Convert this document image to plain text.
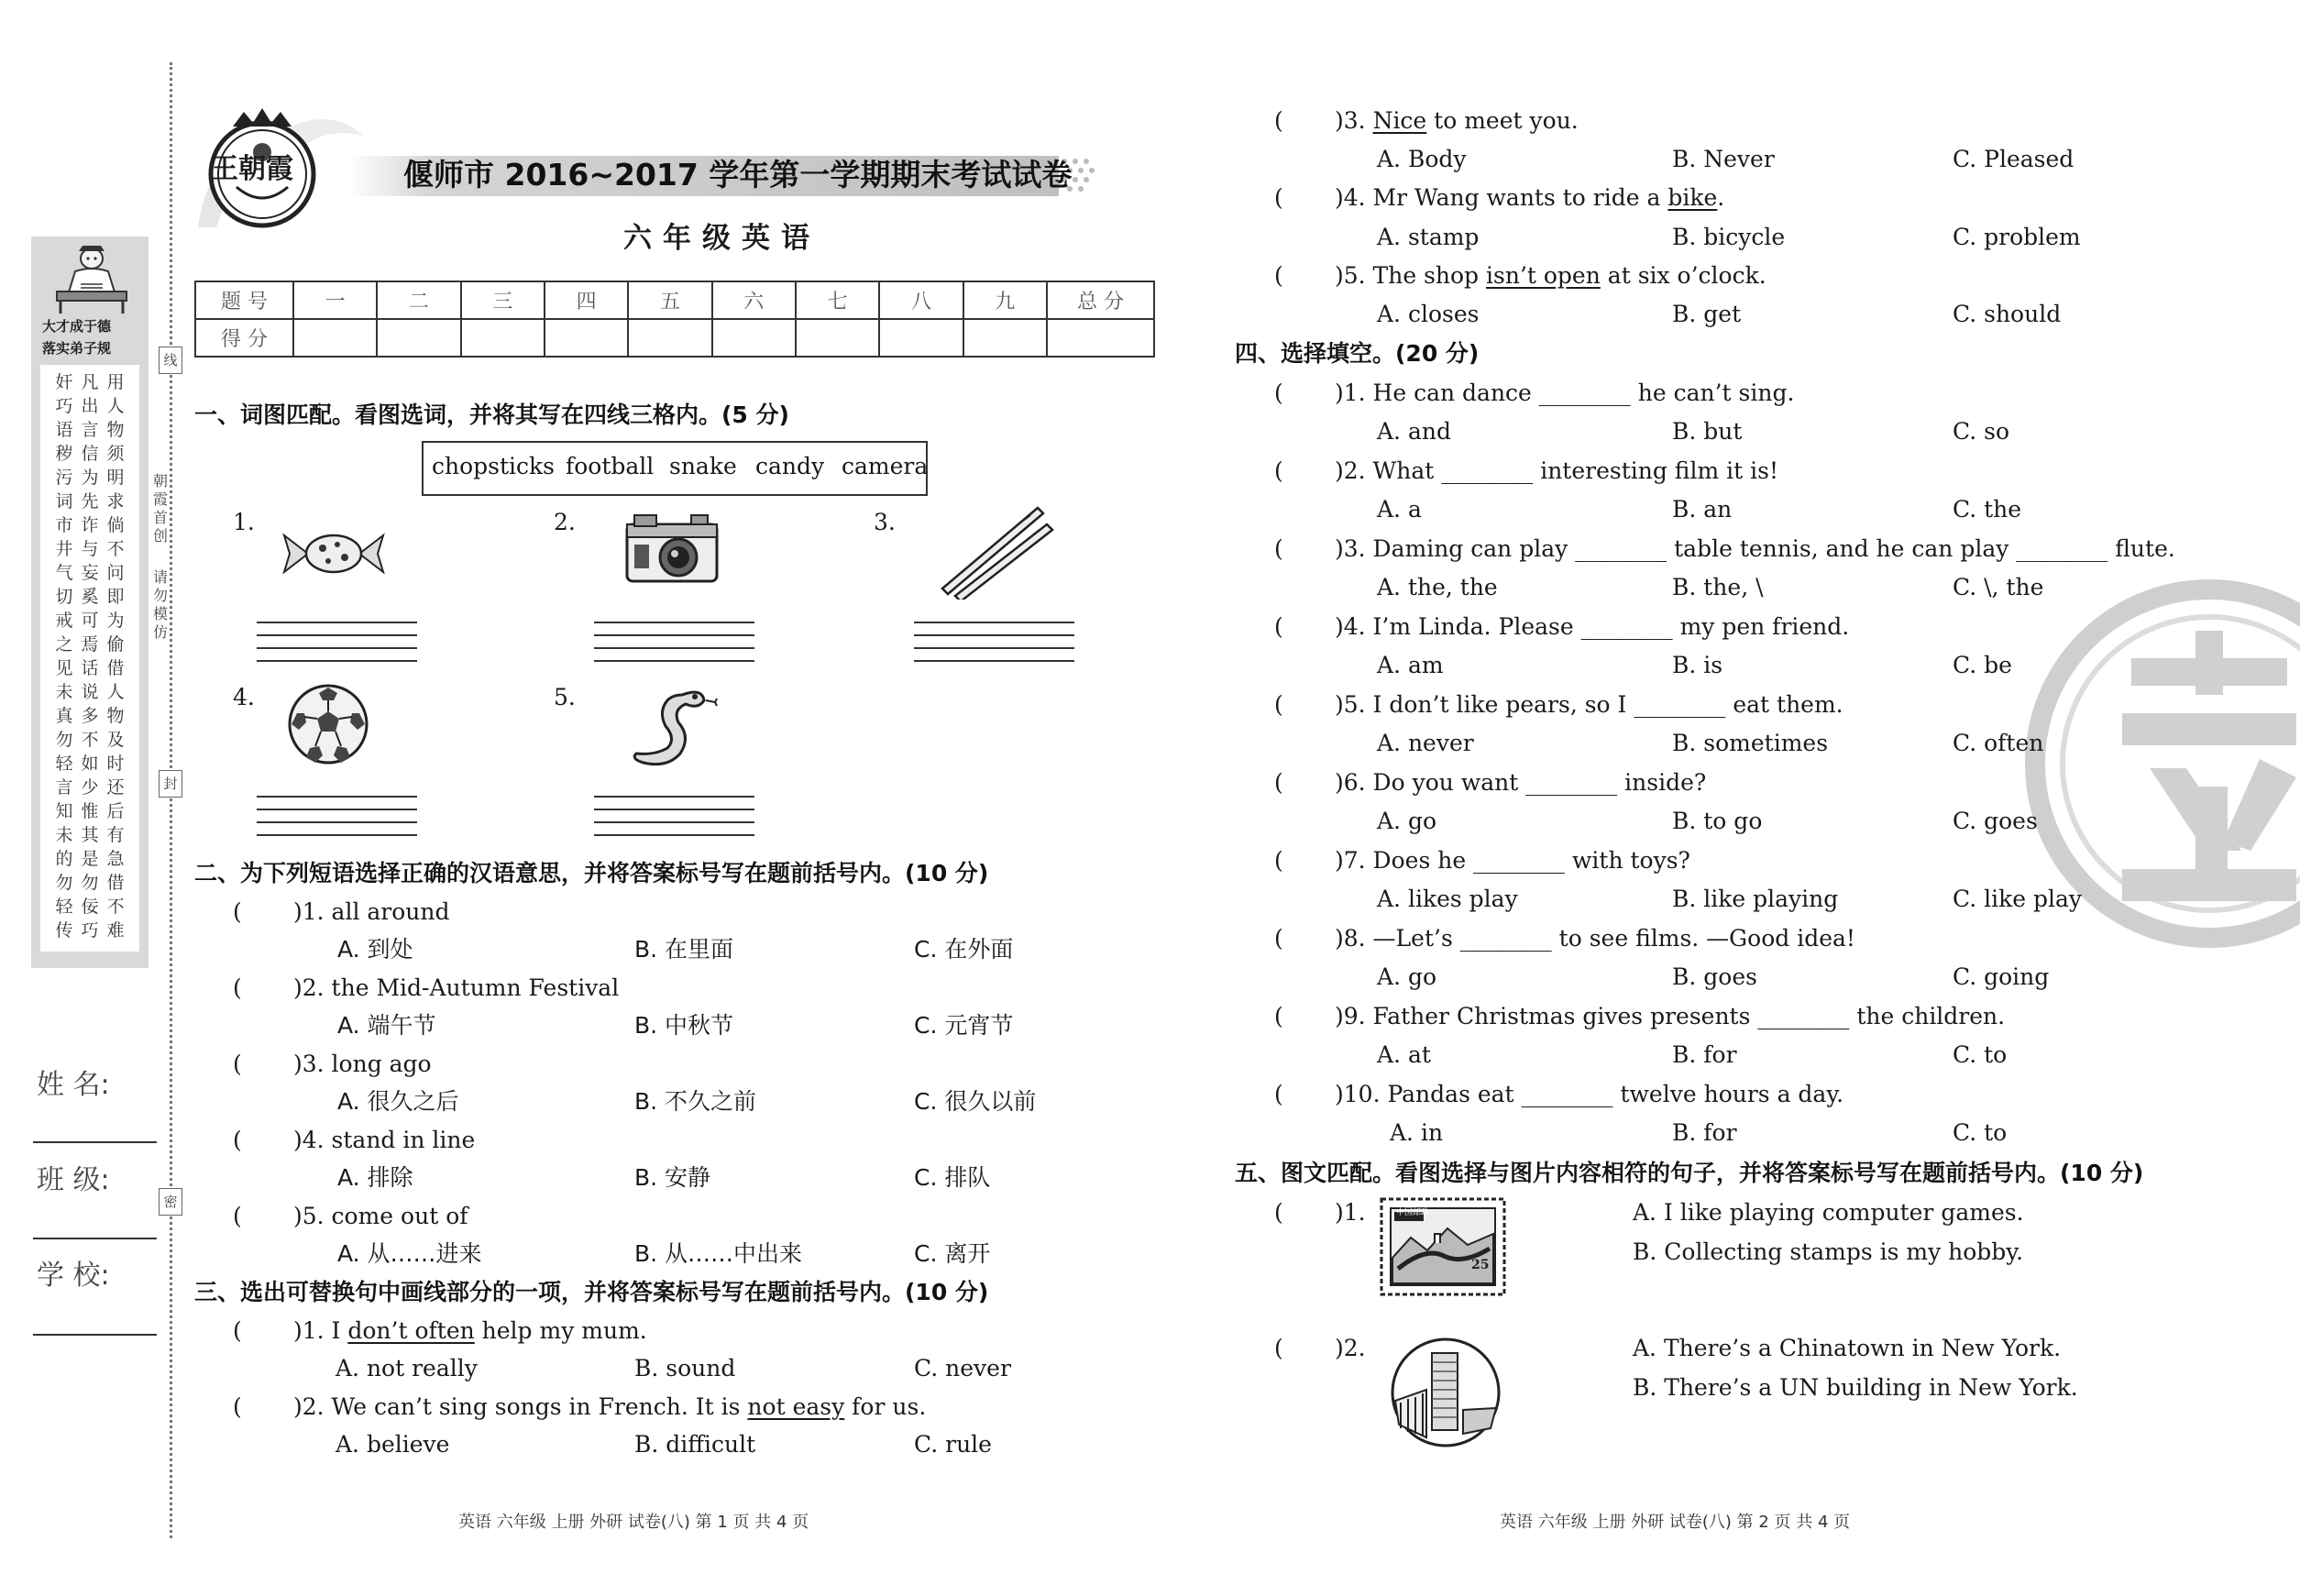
大才成于德
落实弟子规
奸巧语秽污词市井气切戒之见未真勿轻言知未的勿轻传
凡出言信为先诈与妄奚可焉话说多不如少惟其是勿佞巧
用人物须明求倘不问即为偷借人物及时还后有急借不难
朝霞首创
请勿模仿
线
封
密
姓 名:
班 级:
学 校:
王朝霞	偃师市 2016~2017 学年第一学期期末考试试卷
六年级英语
题 号	一	二	三	四	五	六	七	八	九	总 分
得 分										
一、词图匹配。看图选词，并将其写在四线三格内。(5 分)
chopsticks football snake candy camera
1.	2.	3.
4.	5.
二、为下列短语选择正确的汉语意思，并将答案标号写在题前括号内。(10 分)
( )1. all around
A. 到处	B. 在里面	C. 在外面
( )2. the Mid-Autumn Festival
A. 端午节	B. 中秋节	C. 元宵节
( )3. long ago
A. 很久之后	B. 不久之前	C. 很久以前
( )4. stand in line
A. 排除	B. 安静	C. 排队
( )5. come out of
A. 从……进来	B. 从……中出来	C. 离开
三、选出可替换句中画线部分的一项，并将答案标号写在题前括号内。(10 分)
( )1. I don’t often help my mum.
A. not really	B. sound	C. never
( )2. We can’t sing songs in French. It is not easy for us.
A. believe	B. difficult	C. rule
( )3. Nice to meet you.
A. Body	B. Never	C. Pleased
( )4. Mr Wang wants to ride a bike.
A. stamp	B. bicycle	C. problem
( )5. The shop isn’t open at six o’clock.
A. closes	B. get	C. should
四、选择填空。(20 分)
( )1. He can dance ________ he can’t sing.
A. and	B. but	C. so
( )2. What ________ interesting film it is!
A. a	B. an	C. the
( )3. Daming can play ________ table tennis, and he can play ________ flute.
A. the, the	B. the, \	C. \, the
( )4. I’m Linda. Please ________ my pen friend.
A. am	B. is	C. be
( )5. I don’t like pears, so I ________ eat them.
A. never	B. sometimes	C. often
( )6. Do you want ________ inside?
A. go	B. to go	C. goes
( )7. Does he ________ with toys?
A. likes play	B. like playing	C. like play
( )8. —Let’s ________ to see films. —Good idea!
A. go	B. goes	C. going
( )9. Father Christmas gives presents ________ the children.
A. at	B. for	C. to
( )10. Pandas eat ________ twelve hours a day.
A. in	B. for	C. to
五、图文匹配。看图选择与图片内容相符的句子，并将答案标号写在题前括号内。(10 分)
( )1.	中国邮政
25
A. I like playing computer games.
B. Collecting stamps is my hobby.
( )2.	A. There’s a Chinatown in New York.
B. There’s a UN building in New York.
英语 六年级 上册 外研 试卷(八) 第 1 页 共 4 页	英语 六年级 上册 外研 试卷(八) 第 2 页 共 4 页
